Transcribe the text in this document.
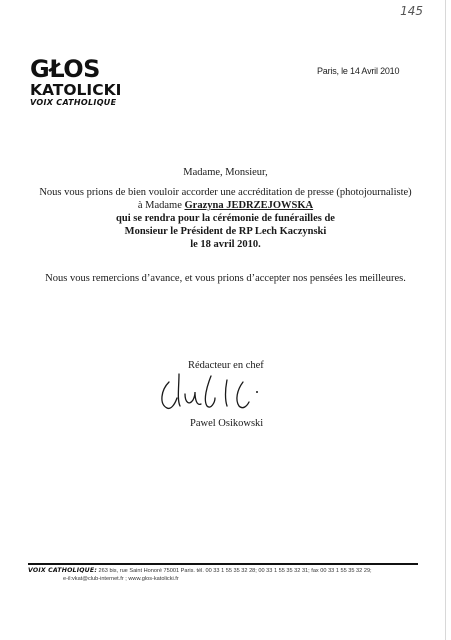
145
GŁOS
KATOLICKI
VOIX CATHOLIQUE
Paris, le 14 Avril 2010
Madame, Monsieur,
Nous vous prions de bien vouloir accorder une accréditation de presse (photojournaliste)
à Madame Grazyna JEDRZEJOWSKA
qui se rendra pour la cérémonie de funérailles de
Monsieur le Président de RP Lech Kaczynski
le 18 avril 2010.
Nous vous remercions d’avance, et vous prions d’accepter nos pensées les meilleures.
Rédacteur en chef
Pawel Osikowski
VOIX CATHOLIQUE: 263 bis, rue Saint Honoré 75001 Paris. tél. 00 33 1 55 35 32 28; 00 33 1 55 35 32 31; fax 00 33 1 55 35 32 29;
e-il:vkat@club-internet.fr ; www.glos-katolicki.fr
